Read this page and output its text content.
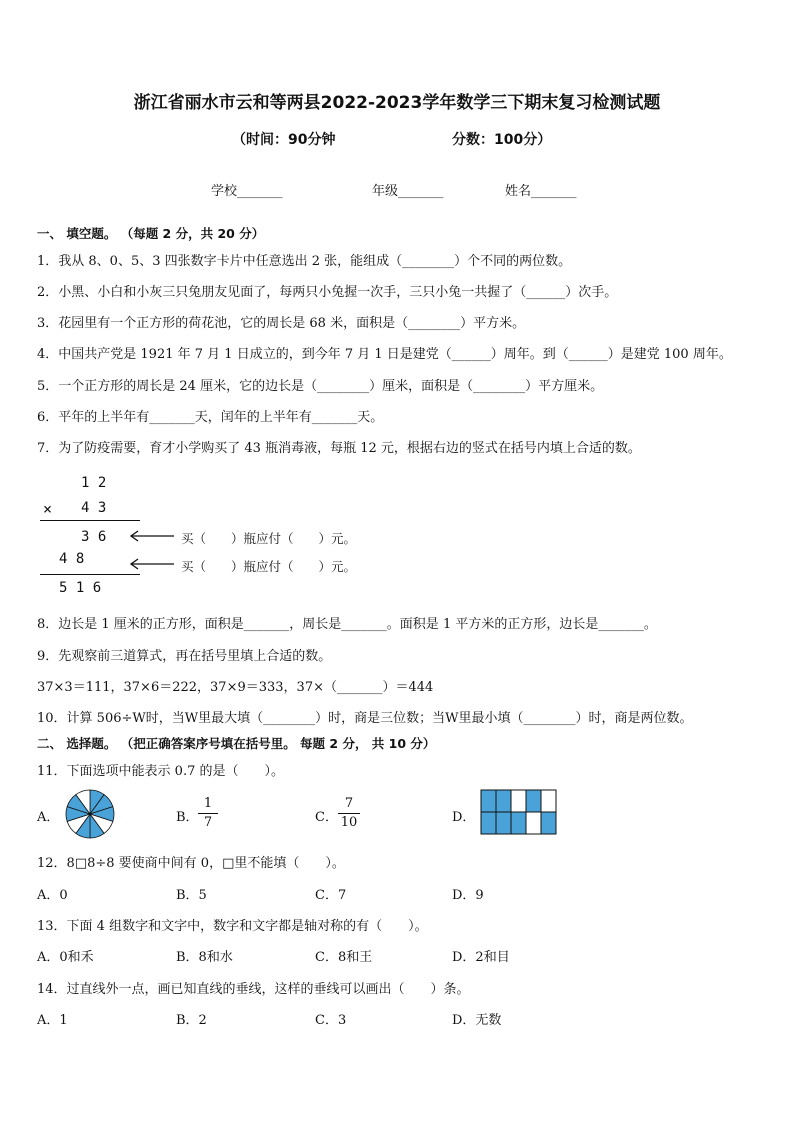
浙江省丽水市云和等两县2022-2023学年数学三下期末复习检测试题
（时间：90分钟	分数：100分）
学校_______	年级_______	姓名_______
一、 填空题。 （每题 2 分，共 20 分）
1．我从 8、0、5、3 四张数字卡片中任意选出 2 张，能组成（________）个不同的两位数。
2．小黑、小白和小灰三只兔朋友见面了，每两只小兔握一次手，三只小兔一共握了（______）次手。
3．花园里有一个正方形的荷花池，它的周长是 68 米，面积是（________）平方米。
4．中国共产党是 1921 年 7 月 1 日成立的，到今年 7 月 1 日是建党（______）周年。到（______）是建党 100 周年。
5．一个正方形的周长是 24 厘米，它的边长是（________）厘米，面积是（________）平方厘米。
6．平年的上半年有_______天，闰年的上半年有_______天。
7．为了防疫需要，育才小学购买了 43 瓶消毒液，每瓶 12 元，根据右边的竖式在括号内填上合适的数。
1 2
× 4 3
3 6
4 8
5 1 6
买（　　）瓶应付（　　）元。
买（　　）瓶应付（　　）元。
8．边长是 1 厘米的正方形，面积是_______，周长是_______。面积是 1 平方米的正方形，边长是_______。
9．先观察前三道算式，再在括号里填上合适的数。
37×3＝111，37×6＝222，37×9＝333，37×（_______）＝444
10．计算 506÷W时，当W里最大填（________）时，商是三位数；当W里最小填（________）时，商是两位数。
二、 选择题。 （把正确答案序号填在括号里。 每题 2 分， 共 10 分）
11．下面选项中能表示 0.7 的是（　　）。
A．	B．
1
7	C．
7
10	D．
12．8□8÷8 要使商中间有 0，□里不能填（　　）。
A．0	B．5	C．7	D．9
13．下面 4 组数字和文字中，数字和文字都是轴对称的有（　　）。
A．0和禾	B．8和水	C．8和王	D．2和目
14．过直线外一点，画已知直线的垂线，这样的垂线可以画出（　　）条。
A．1	B．2	C．3	D．无数
